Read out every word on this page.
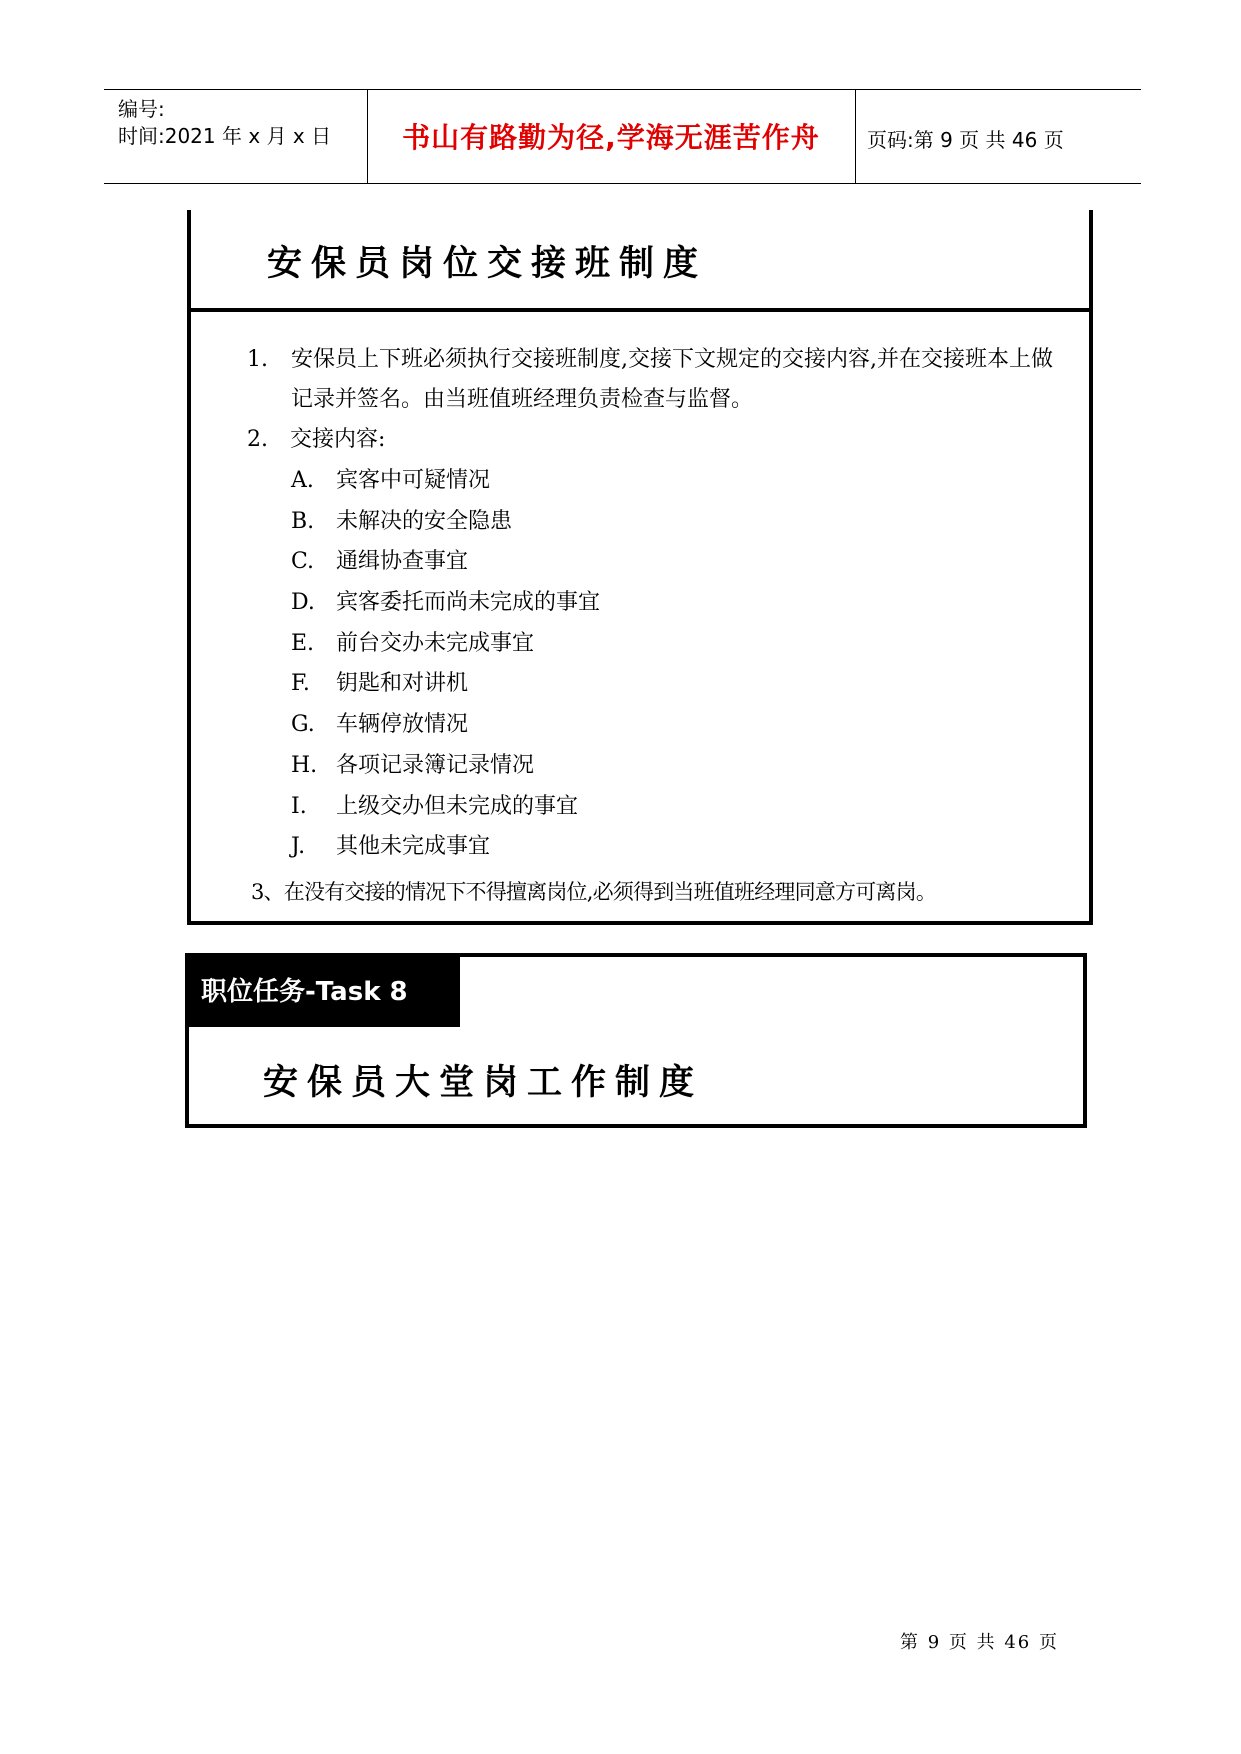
编号:
时间:2021 年 x 月 x 日	书山有路勤为径,学海无涯苦作舟	页码:第 9 页 共 46 页
安保员岗位交接班制度
1. 安保员上下班必须执行交接班制度,交接下文规定的交接内容,并在交接班本上做记录并签名。由当班值班经理负责检查与监督。
2. 交接内容:
A. 宾客中可疑情况
B. 未解决的安全隐患
C. 通缉协查事宜
D. 宾客委托而尚未完成的事宜
E. 前台交办未完成事宜
F. 钥匙和对讲机
G. 车辆停放情况
H. 各项记录簿记录情况
I. 上级交办但未完成的事宜
J. 其他未完成事宜
3、在没有交接的情况下不得擅离岗位,必须得到当班值班经理同意方可离岗。
职位任务-Task 8
安保员大堂岗工作制度
第 9 页 共 46 页
